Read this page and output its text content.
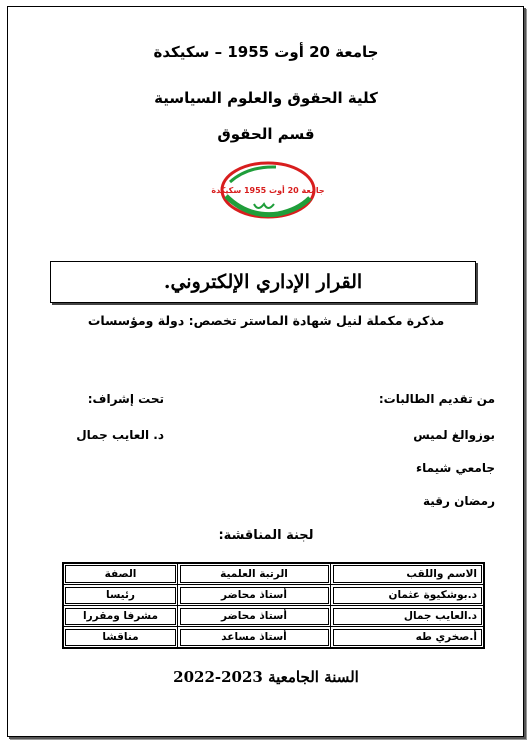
جامعة 20 أوت 1955 – سكيكدة
كلية الحقوق والعلوم السياسية
قسم الحقوق
جامعة 20 أوت 1955 سكيكدة
القرار الإداري الإلكتروني.
مذكرة مكملة لنيل شهادة الماستر تخصص: دولة ومؤسسات
من تقديم الطالبات:
تحت إشراف:
بوزوالغ لميس
جامعي شيماء
رمضان رقية
د. العايب جمال
لجنة المناقشة:
الاسم واللقب	الرتبة العلمية	الصفة
د.بوشكيوة عثمان	أستاذ محاضر	رئيسا
د.العايب جمال	أستاذ محاضر	مشرفا ومقررا
أ.صخري طه	أستاذ مساعد	مناقشا
السنة الجامعية 2023-2022
